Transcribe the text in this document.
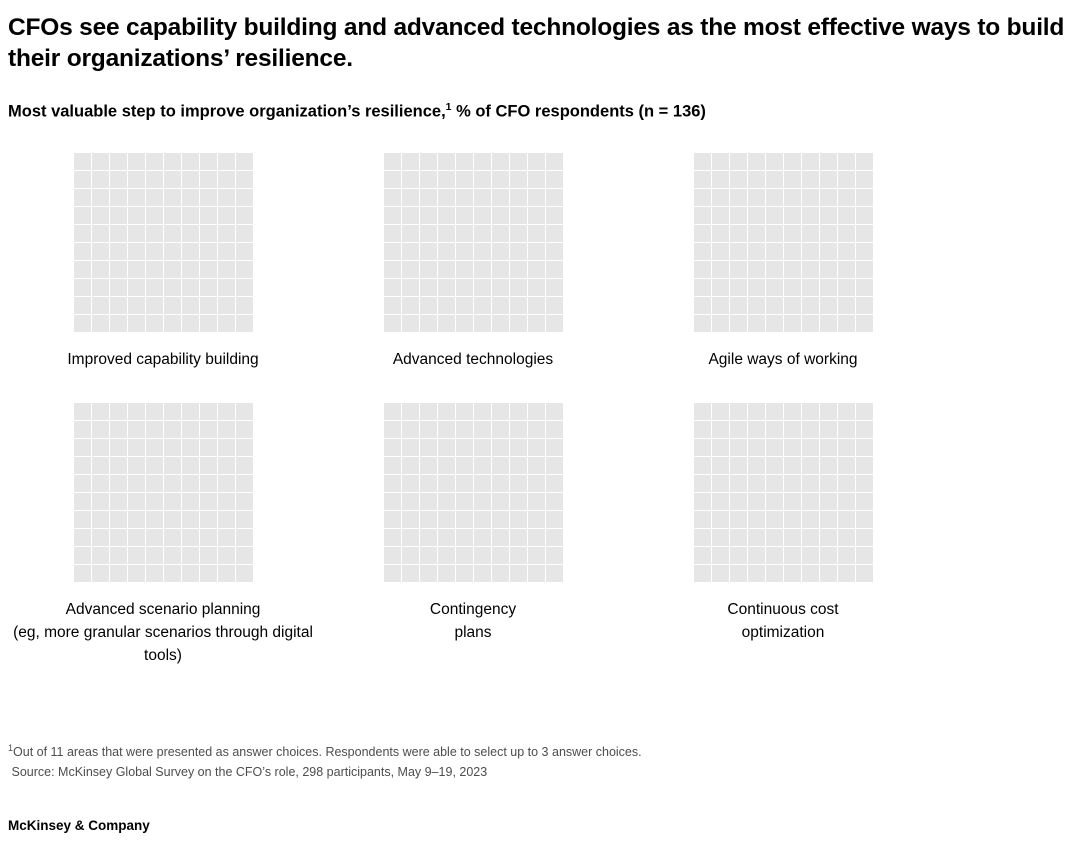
CFOs see capability building and advanced technologies as the most effective ways to build their organizations’ resilience.
Most valuable step to improve organization’s resilience,$^1$ % of CFO respondents (n = 136)
Improved capability building	Advanced technologies	Agile ways of working
Advanced scenario planning
(eg, more granular scenarios through digital tools)
Contingency
plans
Continuous cost
optimization
$^1$Out of 11 areas that were presented as answer choices. Respondents were able to select up to 3 answer choices.
Source: McKinsey Global Survey on the CFO’s role, 298 participants, May 9–19, 2023
McKinsey & Company
